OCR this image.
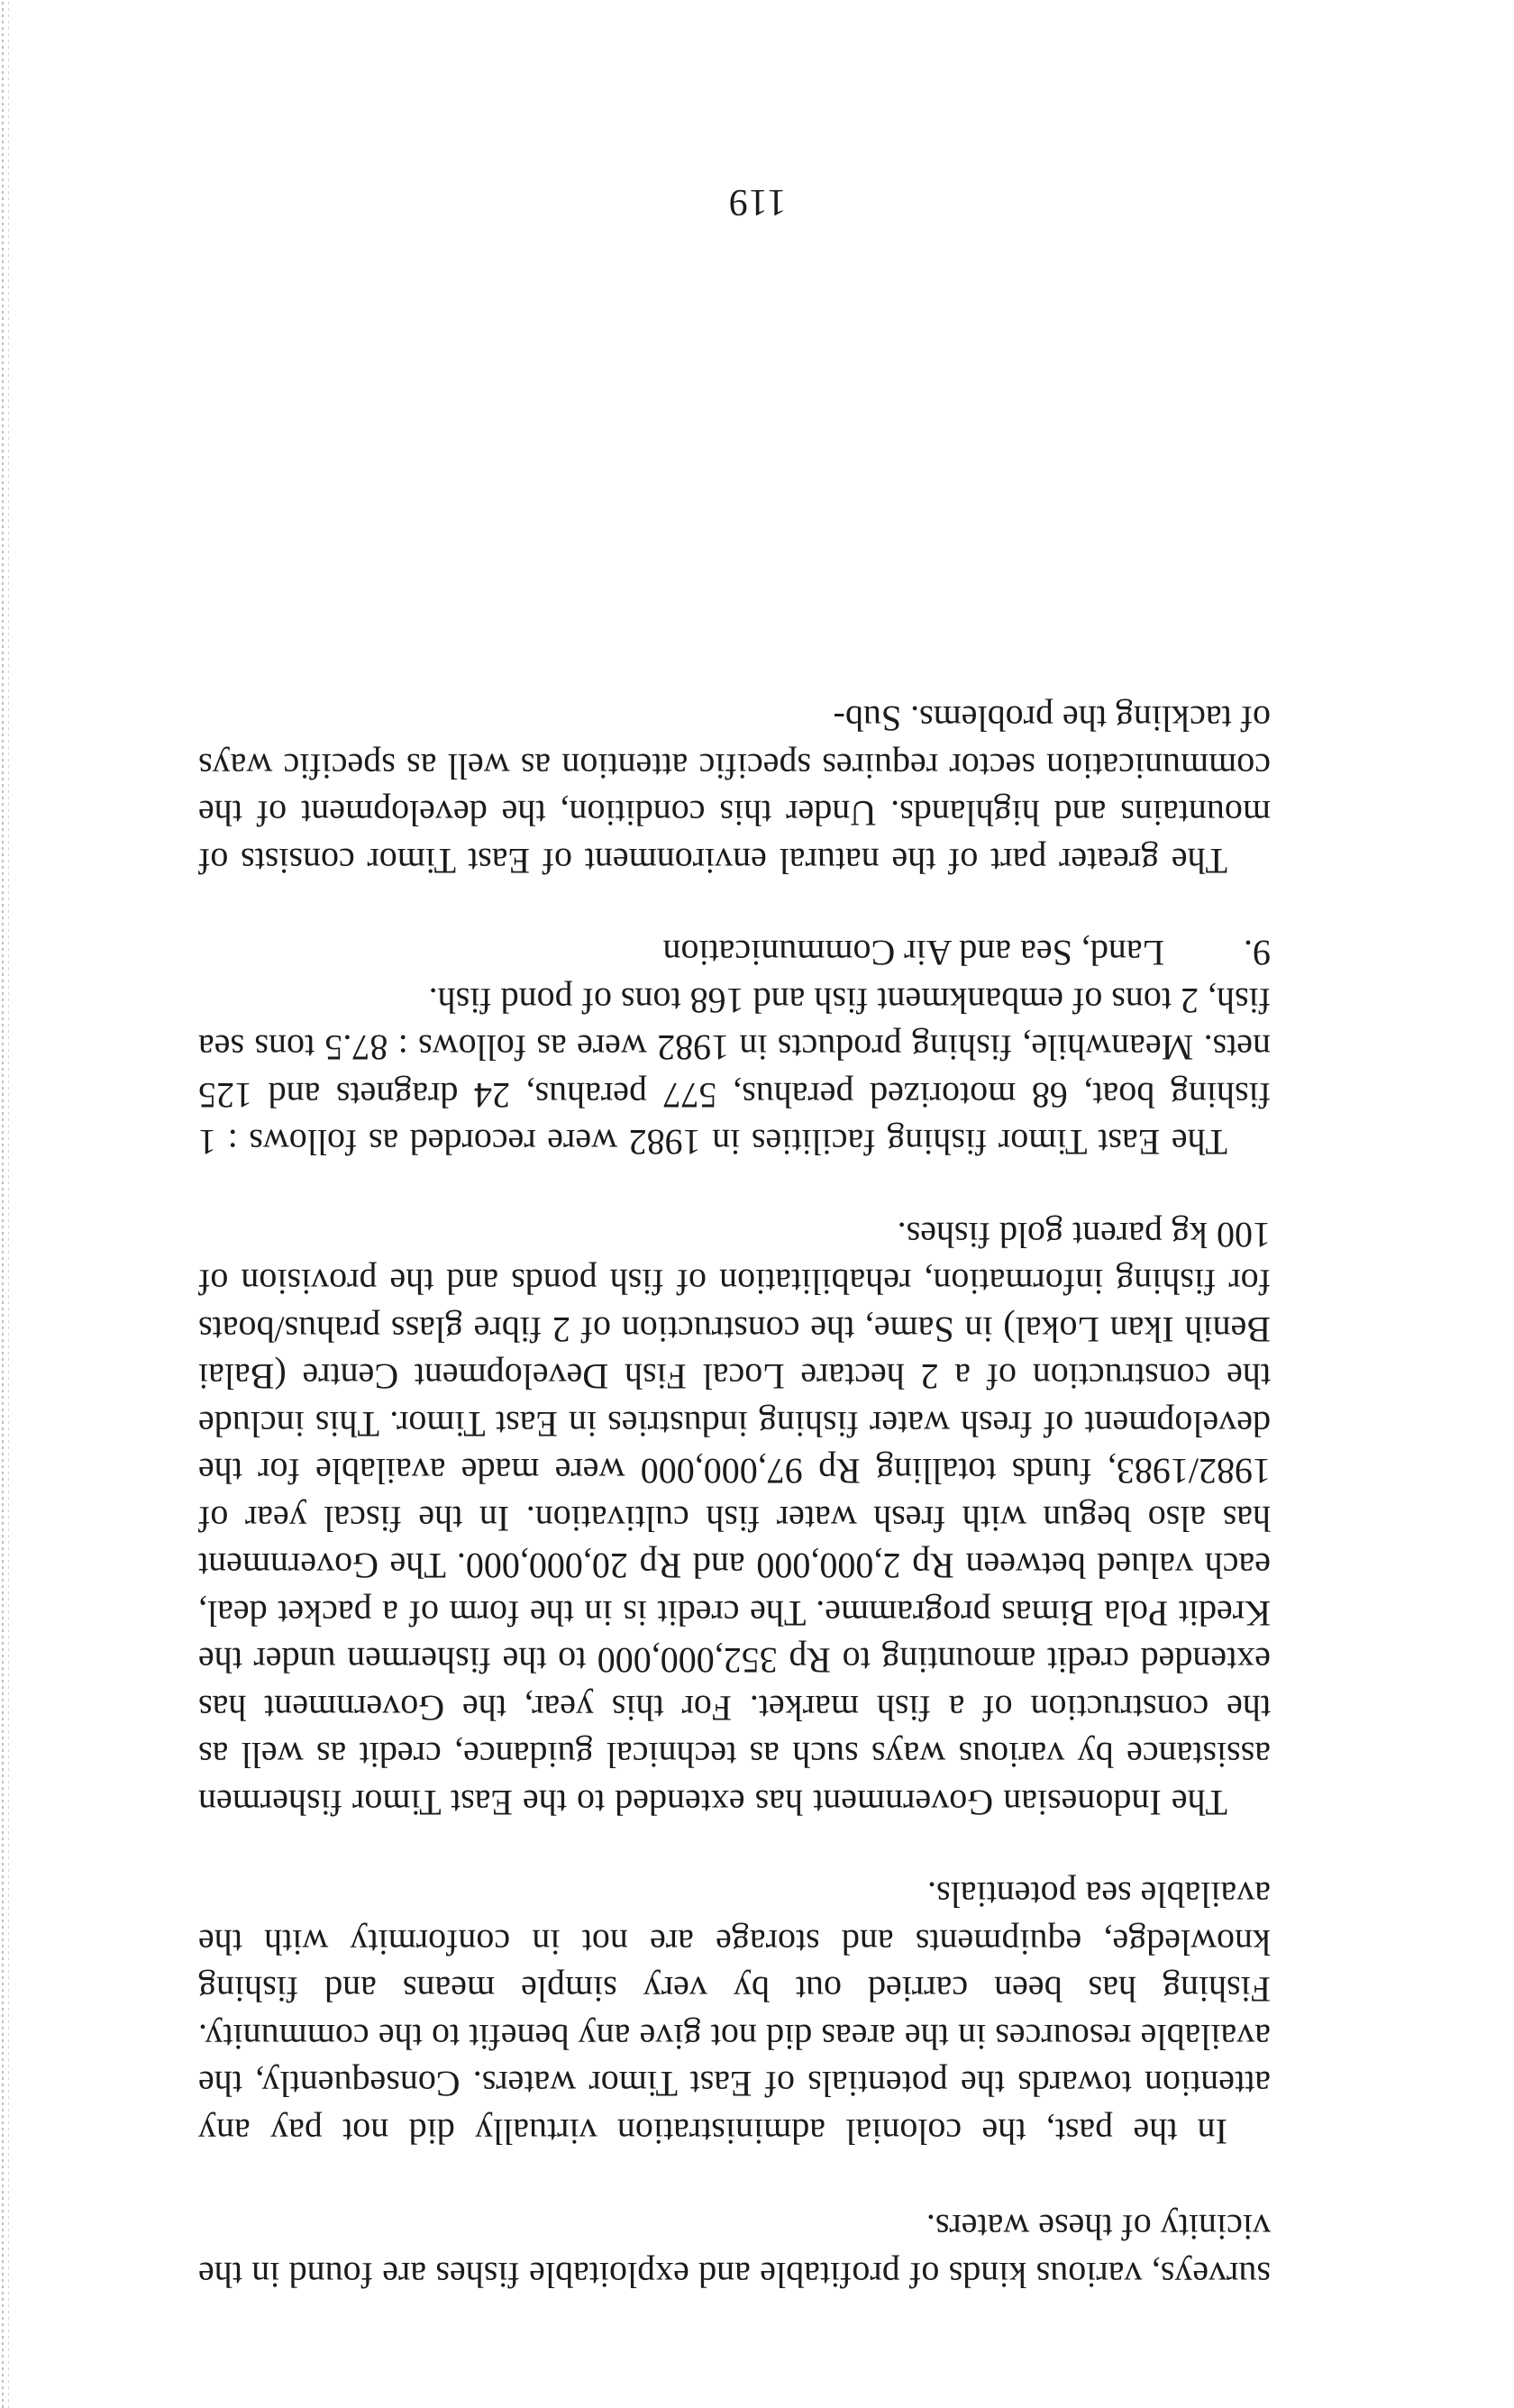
surveys, various kinds of profitable and exploitable fishes are found in the vicinity of these waters.

In the past, the colonial administration virtually did not pay any attention towards the potentials of East Timor waters. Consequently, the available resources in the areas did not give any benefit to the community. Fishing has been carried out by very simple means and fishing knowledge, equipments and storage are not in conformity with the available sea potentials.

The Indonesian Government has extended to the East Timor fishermen assistance by various ways such as technical guidance, credit as well as the construction of a fish market. For this year, the Government has extended credit amounting to Rp 352,000,000 to the fishermen under the Kredit Pola Bimas programme. The credit is in the form of a packet deal, each valued between Rp 2,000,000 and Rp 20,000,000. The Government has also begun with fresh water fish cultivation. In the fiscal year of 1982/1983, funds totalling Rp 97,000,000 were made available for the development of fresh water fishing industries in East Timor. This include the construction of a 2 hectare Local Fish Development Centre (Balai Benih Ikan Lokal) in Same, the construction of 2 fibre glass prahus/boats for fishing information, rehabilitation of fish ponds and the provision of 100 kg parent gold fishes.

The East Timor fishing facilities in 1982 were recorded as follows : 1 fishing boat, 68 motorized perahus, 577 perahus, 24 dragnets and 125 nets. Meanwhile, fishing products in 1982 were as follows : 87.5 tons sea fish, 2 tons of embankment fish and 168 tons of pond fish.

9.Land, Sea and Air Communication

The greater part of the natural environment of East Timor consists of mountains and highlands. Under this condition, the development of the communication sector requires specific attention as well as specific ways of tackling the problems. Sub-

119
